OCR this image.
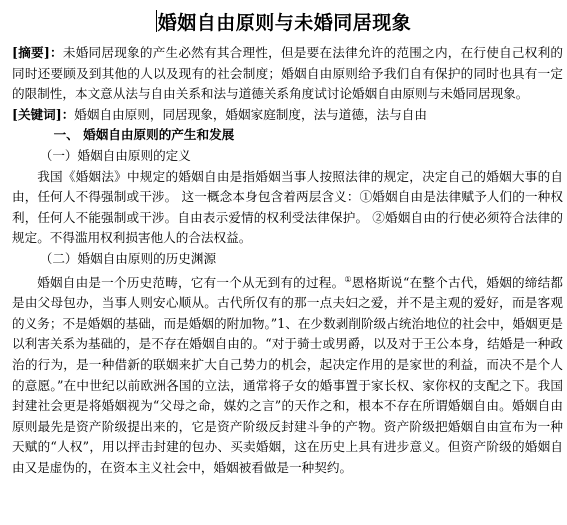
婚姻自由原则与未婚同居现象

[摘要]：未婚同居现象的产生必然有其合理性，但是要在法律允许的范围之内，在行使自己权利的同时还要顾及到其他的人以及现有的社会制度；婚姻自由原则给予我们自有保护的同时也具有一定的限制性，本文意从法与自由关系和法与道德关系角度试讨论婚姻自由原则与未婚同居现象。

[关键词]：婚姻自由原则，同居现象，婚姻家庭制度，法与道德，法与自由

一、 婚姻自由原则的产生和发展

（一）婚姻自由原则的定义

我国《婚姻法》中规定的婚姻自由是指婚姻当事人按照法律的规定，决定自己的婚姻大事的自由，任何人不得强制或干涉。 这一概念本身包含着两层含义：①婚姻自由是法律赋予人们的一种权利，任何人不能强制或干涉。自由表示爱情的权利受法律保护。 ②婚姻自由的行使必须符合法律的规定。不得滥用权利损害他人的合法权益。

（二）婚姻自由原则的历史渊源

婚姻自由是一个历史范畴，它有一个从无到有的过程。①恩格斯说“在整个古代，婚姻的缔结都是由父母包办，当事人则安心顺从。古代所仅有的那一点夫妇之爱，并不是主观的爱好，而是客观的义务；不是婚姻的基础，而是婚姻的附加物。”1、在少数剥削阶级占统治地位的社会中，婚姻更是以利害关系为基础的，是不存在婚姻自由的。“对于骑士或男爵，以及对于王公本身，结婚是一种政治的行为，是一种借新的联姻来扩大自己势力的机会，起决定作用的是家世的利益，而决不是个人的意愿。”在中世纪以前欧洲各国的立法，通常将子女的婚事置于家长权、家你权的支配之下。我国封建社会更是将婚姻视为“父母之命，媒妁之言”的天作之和，根本不存在所谓婚姻自由。婚姻自由原则最先是资产阶级提出来的，它是资产阶级反封建斗争的产物。资产阶级把婚姻自由宣布为一种天赋的“人权”，用以抨击封建的包办、买卖婚姻，这在历史上具有进步意义。但资产阶级的婚姻自由又是虚伪的，在资本主义社会中，婚姻被看做是一种契约。
